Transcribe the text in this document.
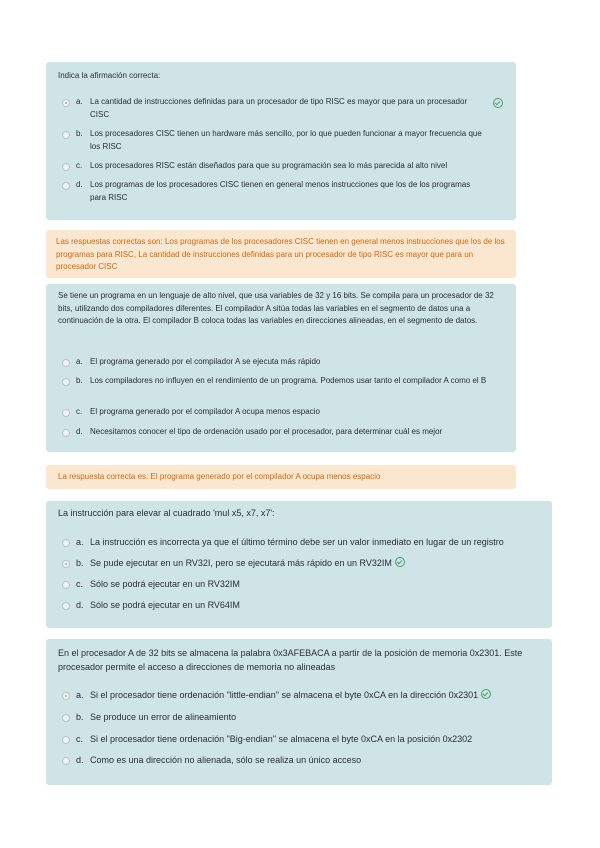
Indica la afirmación correcta:
a. La cantidad de instrucciones definidas para un procesador de tipo RISC es mayor que para un procesador CISC
b. Los procesadores CISC tienen un hardware más sencillo, por lo que pueden funcionar a mayor frecuencia que los RISC
c. Los procesadores RISC están diseñados para que su programación sea lo más parecida al alto nivel
d. Los programas de los procesadores CISC tienen en general menos instrucciones que los de los programas para RISC
Las respuestas correctas son: Los programas de los procesadores CISC tienen en general menos instrucciones que los de los programas para RISC, La cantidad de instrucciones definidas para un procesador de tipo RISC es mayor que para un procesador CISC
Se tiene un programa en un lenguaje de alto nivel, que usa variables de 32 y 16 bits. Se compila para un procesador de 32 bits, utilizando dos compiladores diferentes. El compilador A sitúa todas las variables en el segmento de datos una a continuación de la otra. El compilador B coloca todas las variables en direcciones alineadas, en el segmento de datos.
a. El programa generado por el compilador A se ejecuta más rápido
b. Los compiladores no influyen en el rendimiento de un programa. Podemos usar tanto el compilador A como el B
c. El programa generado por el compilador A ocupa menos espacio
d. Necesitamos conocer el tipo de ordenación usado por el procesador, para determinar cuál es mejor
La respuesta correcta es: El programa generado por el compilador A ocupa menos espacio
La instrucción para elevar al cuadrado 'mul x5, x7, x7':
a. La instrucción es incorrecta ya que el último término debe ser un valor inmediato en lugar de un registro
b. Se pude ejecutar en un RV32I, pero se ejecutará más rápido en un RV32IM
c. Sólo se podrá ejecutar en un RV32IM
d. Sólo se podrá ejecutar en un RV64IM
En el procesador A de 32 bits se almacena la palabra 0x3AFEBACA a partir de la posición de memoria 0x2301. Este procesador permite el acceso a direcciones de memoria no alineadas
a. Si el procesador tiene ordenación "little-endian" se almacena el byte 0xCA en la dirección 0x2301
b. Se produce un error de alineamiento
c. Si el procesador tiene ordenación "Big-endian" se almacena el byte 0xCA en la posición 0x2302
d. Como es una dirección no alienada, sólo se realiza un único acceso
